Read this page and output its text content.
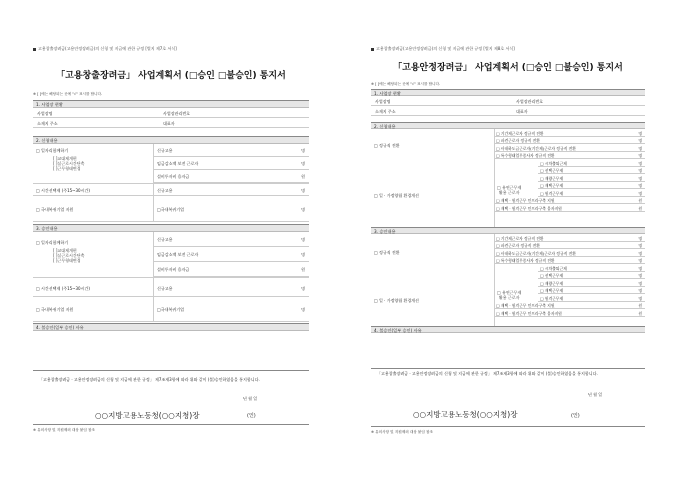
고용창출장려금(고용안정장려금)의 신청 및 지급에 관한 규정 [별지 제7호 서식]
「고용창출장려금」 사업계획서 (□승인 □불승인) 통지서
※ [ ]에는 해당되는 곳에 "√" 표시를 합니다.
1. 사업장 현황
사업장명	사업장관리번호
소재지 주소	대표자
2. 신청내용
□ 일자리함께하기
[ ]교대제개편
[ ]실근로시간단축
[ ]근무형태변경
신규고용	명
임금감소액 보전 근로자	명
설비투자비 융자금	원
□ 시간선택제 (주15~30시간)	신규고용	명
□ 국내복귀기업 지원	□국내복귀기업	명
3. 승인내용
□ 일자리함께하기
[ ]교대제개편
[ ]실근로시간단축
[ ]근무형태변경
신규고용	명
임금감소액 보전 근로자	명
설비투자비 융자금	원
□ 시간선택제 (주15~30시간)	신규고용	명
□ 국내복귀기업 지원	□국내복귀기업	명
4. 불승인(일부 승인) 사유
「고용창출장려금 · 고용안정장려금의 신청 및 지급에 관한 규정」 제7조제3항에 따라 위와 같이 (불)승인하였음을 통지합니다.
년 월 일
○○지방고용노동청(○○지청)장	(인)
※ 유의사항 및 지원제외 대상 붙임 참조
고용창출장려금(고용안정장려금)의 신청 및 지급에 관한 규정 [별지 제8호 서식]
「고용안정장려금」 사업계획서 (□승인 □불승인) 통지서
※ [ ]에는 해당되는 곳에 "√" 표시를 합니다.
1. 사업장 현황
사업장명	사업장관리번호
소재지 주소	대표자
2. 신청내용
□ 정규직 전환
□ 기간제근로자 정규직 전환	명
□ 파견근로자 정규직 전환	명
□ 사내하도급근로자(기간제)근로자 정규직 전환	명
□ 특수형태업무종사자 정규직 전환	명
□ 일 · 가정양립 환경개선
□ 유연근무제
활용 근로자
□ 시차출퇴근제	명
□ 선택근무제	명
□ 재량근무제	명
□ 재택근무제	명
□ 원격근무제	명
□ 재택 · 원격근무 인프라구축 지원	원
□ 재택 · 원격근무 인프라구축 융자지원	원
3. 승인내용
□ 정규직 전환
□ 기간제근로자 정규직 전환	명
□ 파견근로자 정규직 전환	명
□ 사내하도급근로자(기간제)근로자 정규직 전환	명
□ 특수형태업무종사자 정규직 전환	명
□ 일 · 가정양립 환경개선
□ 유연근무제
활용 근로자
□ 시차출퇴근제	명
□ 선택근무제	명
□ 재량근무제	명
□ 재택근무제	명
□ 원격근무제	명
□ 재택 · 원격근무 인프라구축 지원	원
□ 재택 · 원격근무 인프라구축 융자지원	원
4. 불승인(일부 승인) 사유
「고용창출장려금 · 고용안정장려금의 신청 및 지급에 관한 규정」 제7조제3항에 따라 위와 같이 (불)승인하였음을 통지합니다.
년 월 일
○○지방고용노동청(○○지청)장	(인)
※ 유의사항 및 지원제외 대상 붙임 참조
